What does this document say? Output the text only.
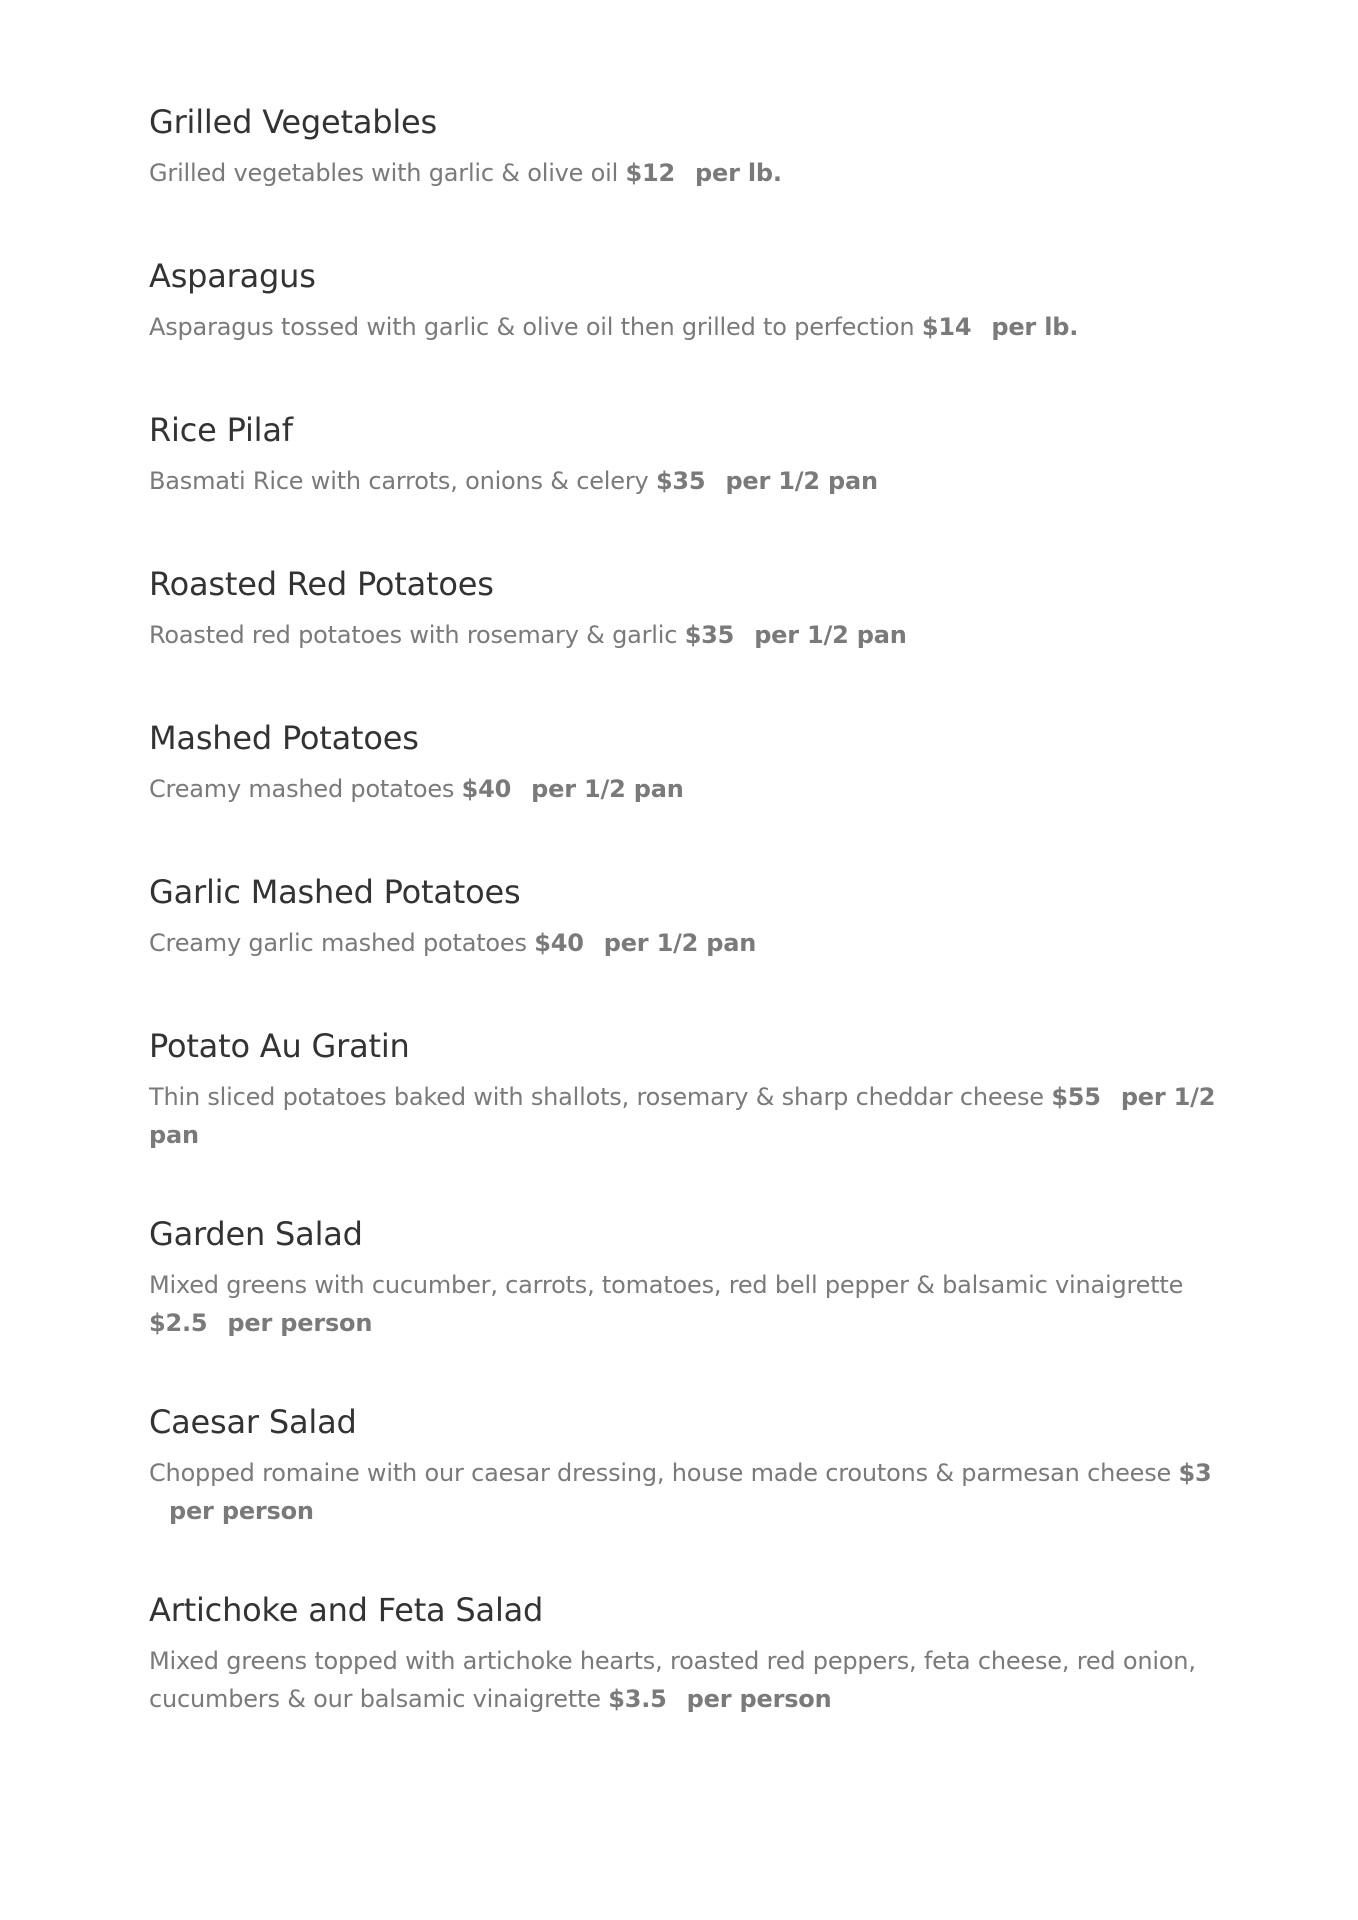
Grilled Vegetables

Grilled vegetables with garlic & olive oil $12 per lb.

Asparagus

Asparagus tossed with garlic & olive oil then grilled to perfection $14 per lb.

Rice Pilaf

Basmati Rice with carrots, onions & celery $35 per 1/2 pan

Roasted Red Potatoes

Roasted red potatoes with rosemary & garlic $35 per 1/2 pan

Mashed Potatoes

Creamy mashed potatoes $40 per 1/2 pan

Garlic Mashed Potatoes

Creamy garlic mashed potatoes $40 per 1/2 pan

Potato Au Gratin

Thin sliced potatoes baked with shallots, rosemary & sharp cheddar cheese $55 per 1/2 pan

Garden Salad

Mixed greens with cucumber, carrots, tomatoes, red bell pepper & balsamic vinaigrette $2.5 per person

Caesar Salad

Chopped romaine with our caesar dressing, house made croutons & parmesan cheese $3per person

Artichoke and Feta Salad

Mixed greens topped with artichoke hearts, roasted red peppers, feta cheese, red onion, cucumbers & our balsamic vinaigrette $3.5 per person
